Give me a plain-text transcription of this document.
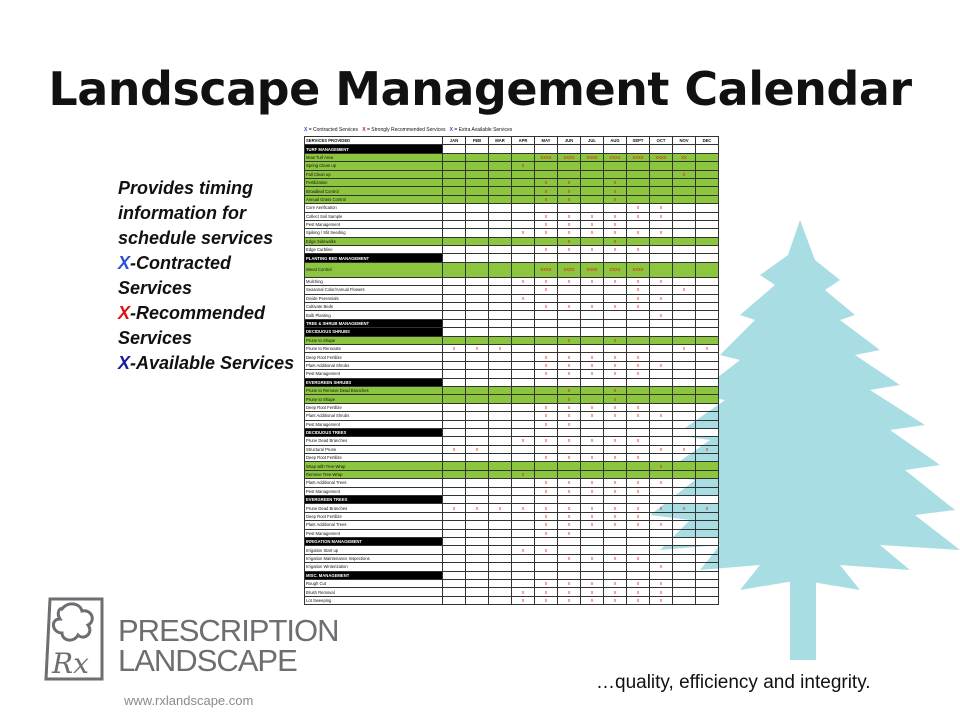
Landscape Management Calendar
Provides timing information for schedule services
X-Contracted Services
X-Recommended Services
X-Available Services
X = Contracted Services X = Strongly Recommended Services X = Extra Available Services
SERVICES PROVIDED	JAN	FEB	MAR	APR	MAY	JUN	JUL	AUG	SEPT	OCT	NOV	DEC
TURF MANAGEMENT												
Mow Turf Area					XXXX	XXXX	XXXX	XXXX	XXXX	XXXX	XX	
Spring Clean up				X								
Fall Clean up											X	
Fertilization					X	X		X				
Broadleaf Control					X	X		X				
Annual Grass Control					X	X		X				
Core Aerification									X	X		
Collect Soil Sample					X	X	X	X	X	X		
Pest Management					X	X	X	X				
Spiking / Slit Seeding				X	X	X	X	X	X	X		
Edge Sidewalks						X		X				
Edge Curbline					X	X	X	X	X			
PLANTING BED MANAGEMENT												
Weed Control					XXXX	XXXX	XXXX	XXXX	XXXX			
Mulching				X	X	X	X	X	X	X		
Seasonal Color/Annual Flowers					X				X		X	
Divide Perennials				X					X	X		
Cultivate Beds					X	X	X	X	X			
Bulb Planting										X		
TREE & SHRUB MANAGEMENT												
DECIDUOUS SHRUBS												
Prune to Shape						X		X				
Prune to Renovate	X	X	X								X	X
Deep Root Fertilize					X	X	X	X	X			
Plant Additional Shrubs					X	X	X	X	X	X		
Pest Management					X	X	X	X	X			
EVERGREEN SHRUBS												
Prune to Remove Dead Branches						X		X				
Prune to Shape						X		X				
Deep Root Fertilize					X	X	X	X	X			
Plant Additional Shrubs					X	X	X	X	X	X		
Pest Management					X	X						
DECIDUOUS TREES												
Prune Dead Branches				X	X	X	X	X	X			
Structural Prune	X	X								X	X	X
Deep Root Fertilize					X	X	X	X	X			
Wrap with Tree-Wrap										X		
Remove Tree-Wrap				X								
Plant Additional Trees					X	X	X	X	X	X		
Pest Management					X	X	X	X	X			
EVERGREEN TREES												
Prune Dead Branches	X	X	X	X	X	X	X	X	X	X	X	X
Deep Root Fertilize					X	X	X	X	X			
Plant Additional Trees					X	X	X	X	X	X		
Pest Management					X	X						
IRRIGATION MANAGEMENT												
Irrigation Start up				X	X							
Irrigation Maintenance Inspections						X	X	X	X			
Irrigation Winterization										X		
MISC. MANAGEMENT												
Rough Cut					X	X	X	X	X	X		
Brush Removal				X	X	X	X	X	X	X		
Lot Sweeping				X	X	X	X	X	X	X		
Rx
PRESCRIPTION
LANDSCAPE
www.rxlandscape.com
…quality, efficiency and integrity.
